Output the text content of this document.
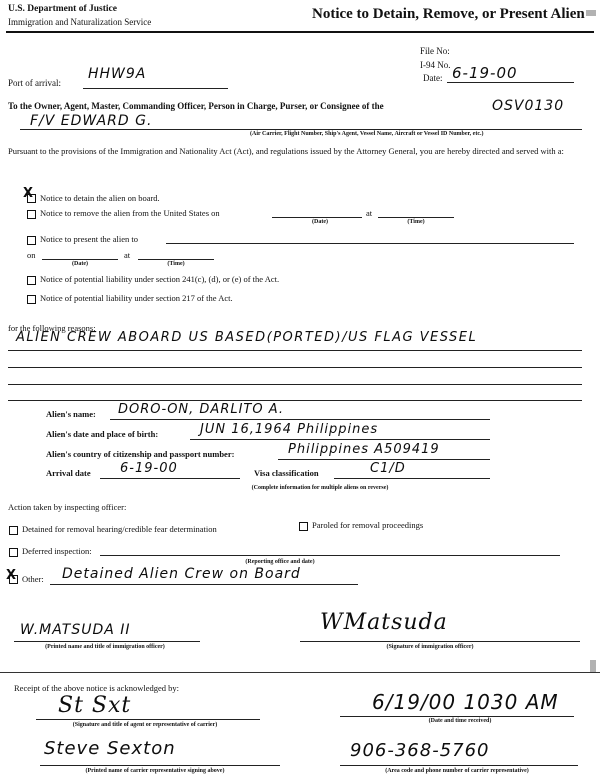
U.S. Department of Justice
Immigration and Naturalization Service	Notice to Detain, Remove, or Present Alien
File No:
I-94 No.
Date: 6-19-00
Port of arrival:
HHW9A
To the Owner, Agent, Master, Commanding Officer, Person in Charge, Purser, or Consignee of the
F/V EDWARD G.
OSV0130
(Air Carrier, Flight Number, Ship's Agent, Vessel Name, Aircraft or Vessel ID Number, etc.)
Pursuant to the provisions of the Immigration and Nationality Act (Act), and regulations issued by the Attorney General, you are hereby directed and served with a:
X Notice to detain the alien on board.
Notice to remove the alien from the United States on	at
(Date)	(Time)
Notice to present the alien to
on	at
(Date)	(Time)
Notice of potential liability under section 241(c), (d), or (e) of the Act.
Notice of potential liability under section 217 of the Act.
for the following reasons:
ALIEN CREW ABOARD US BASED(PORTED)/US FLAG VESSEL
Alien's name: DORO-ON, DARLITO A.
Alien's date and place of birth:	JUN 16,1964 Philippines
Alien's country of citizenship and passport number:	Philippines A509419
Arrival date 6-19-00	Visa classification	C1/D
(Complete information for multiple aliens on reverse)
Action taken by inspecting officer:
Detained for removal hearing/credible fear determination	Paroled for removal proceedings
Deferred inspection:
(Reporting office and date)
X Other: Detained Alien Crew on Board
W.MATSUDA II
(Printed name and title of immigration officer)
WMatsuda
(Signature of immigration officer)
Receipt of the above notice is acknowledged by:
St Sxt
(Signature and title of agent or representative of carrier)
6/19/00 1030 AM
(Date and time received)
Steve Sexton
(Printed name of carrier representative signing above)
906-368-5760
(Area code and phone number of carrier representative)
